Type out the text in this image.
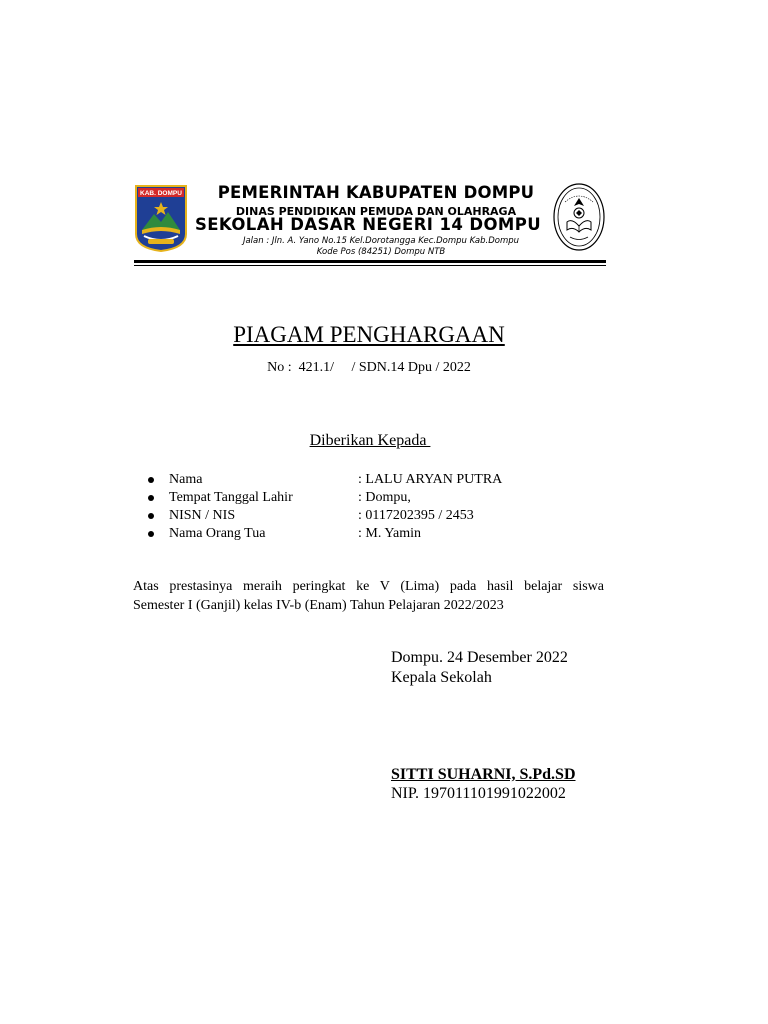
KAB. DOMPU	PEMERINTAH KABUPATEN DOMPU
DINAS PENDIDIKAN PEMUDA DAN OLAHRAGA
SEKOLAH DASAR NEGERI 14 DOMPU
Jalan : Jln. A. Yano No.15 Kel.Dorotangga Kec.Dompu Kab.Dompu
Kode Pos (84251) Dompu NTB
PIAGAM PENGHARGAAN
No :  421.1/     / SDN.14 Dpu / 2022
Diberikan Kepada
Nama	: LALU ARYAN PUTRA
Tempat Tanggal Lahir	: Dompu,
NISN / NIS	: 0117202395 / 2453
Nama Orang Tua	: M. Yamin
Atas prestasinya meraih peringkat ke V (Lima) pada hasil belajar siswa
Semester I (Ganjil) kelas IV-b (Enam) Tahun Pelajaran 2022/2023
Dompu. 24 Desember 2022
Kepala Sekolah
SITTI SUHARNI, S.Pd.SD
NIP. 197011101991022002
